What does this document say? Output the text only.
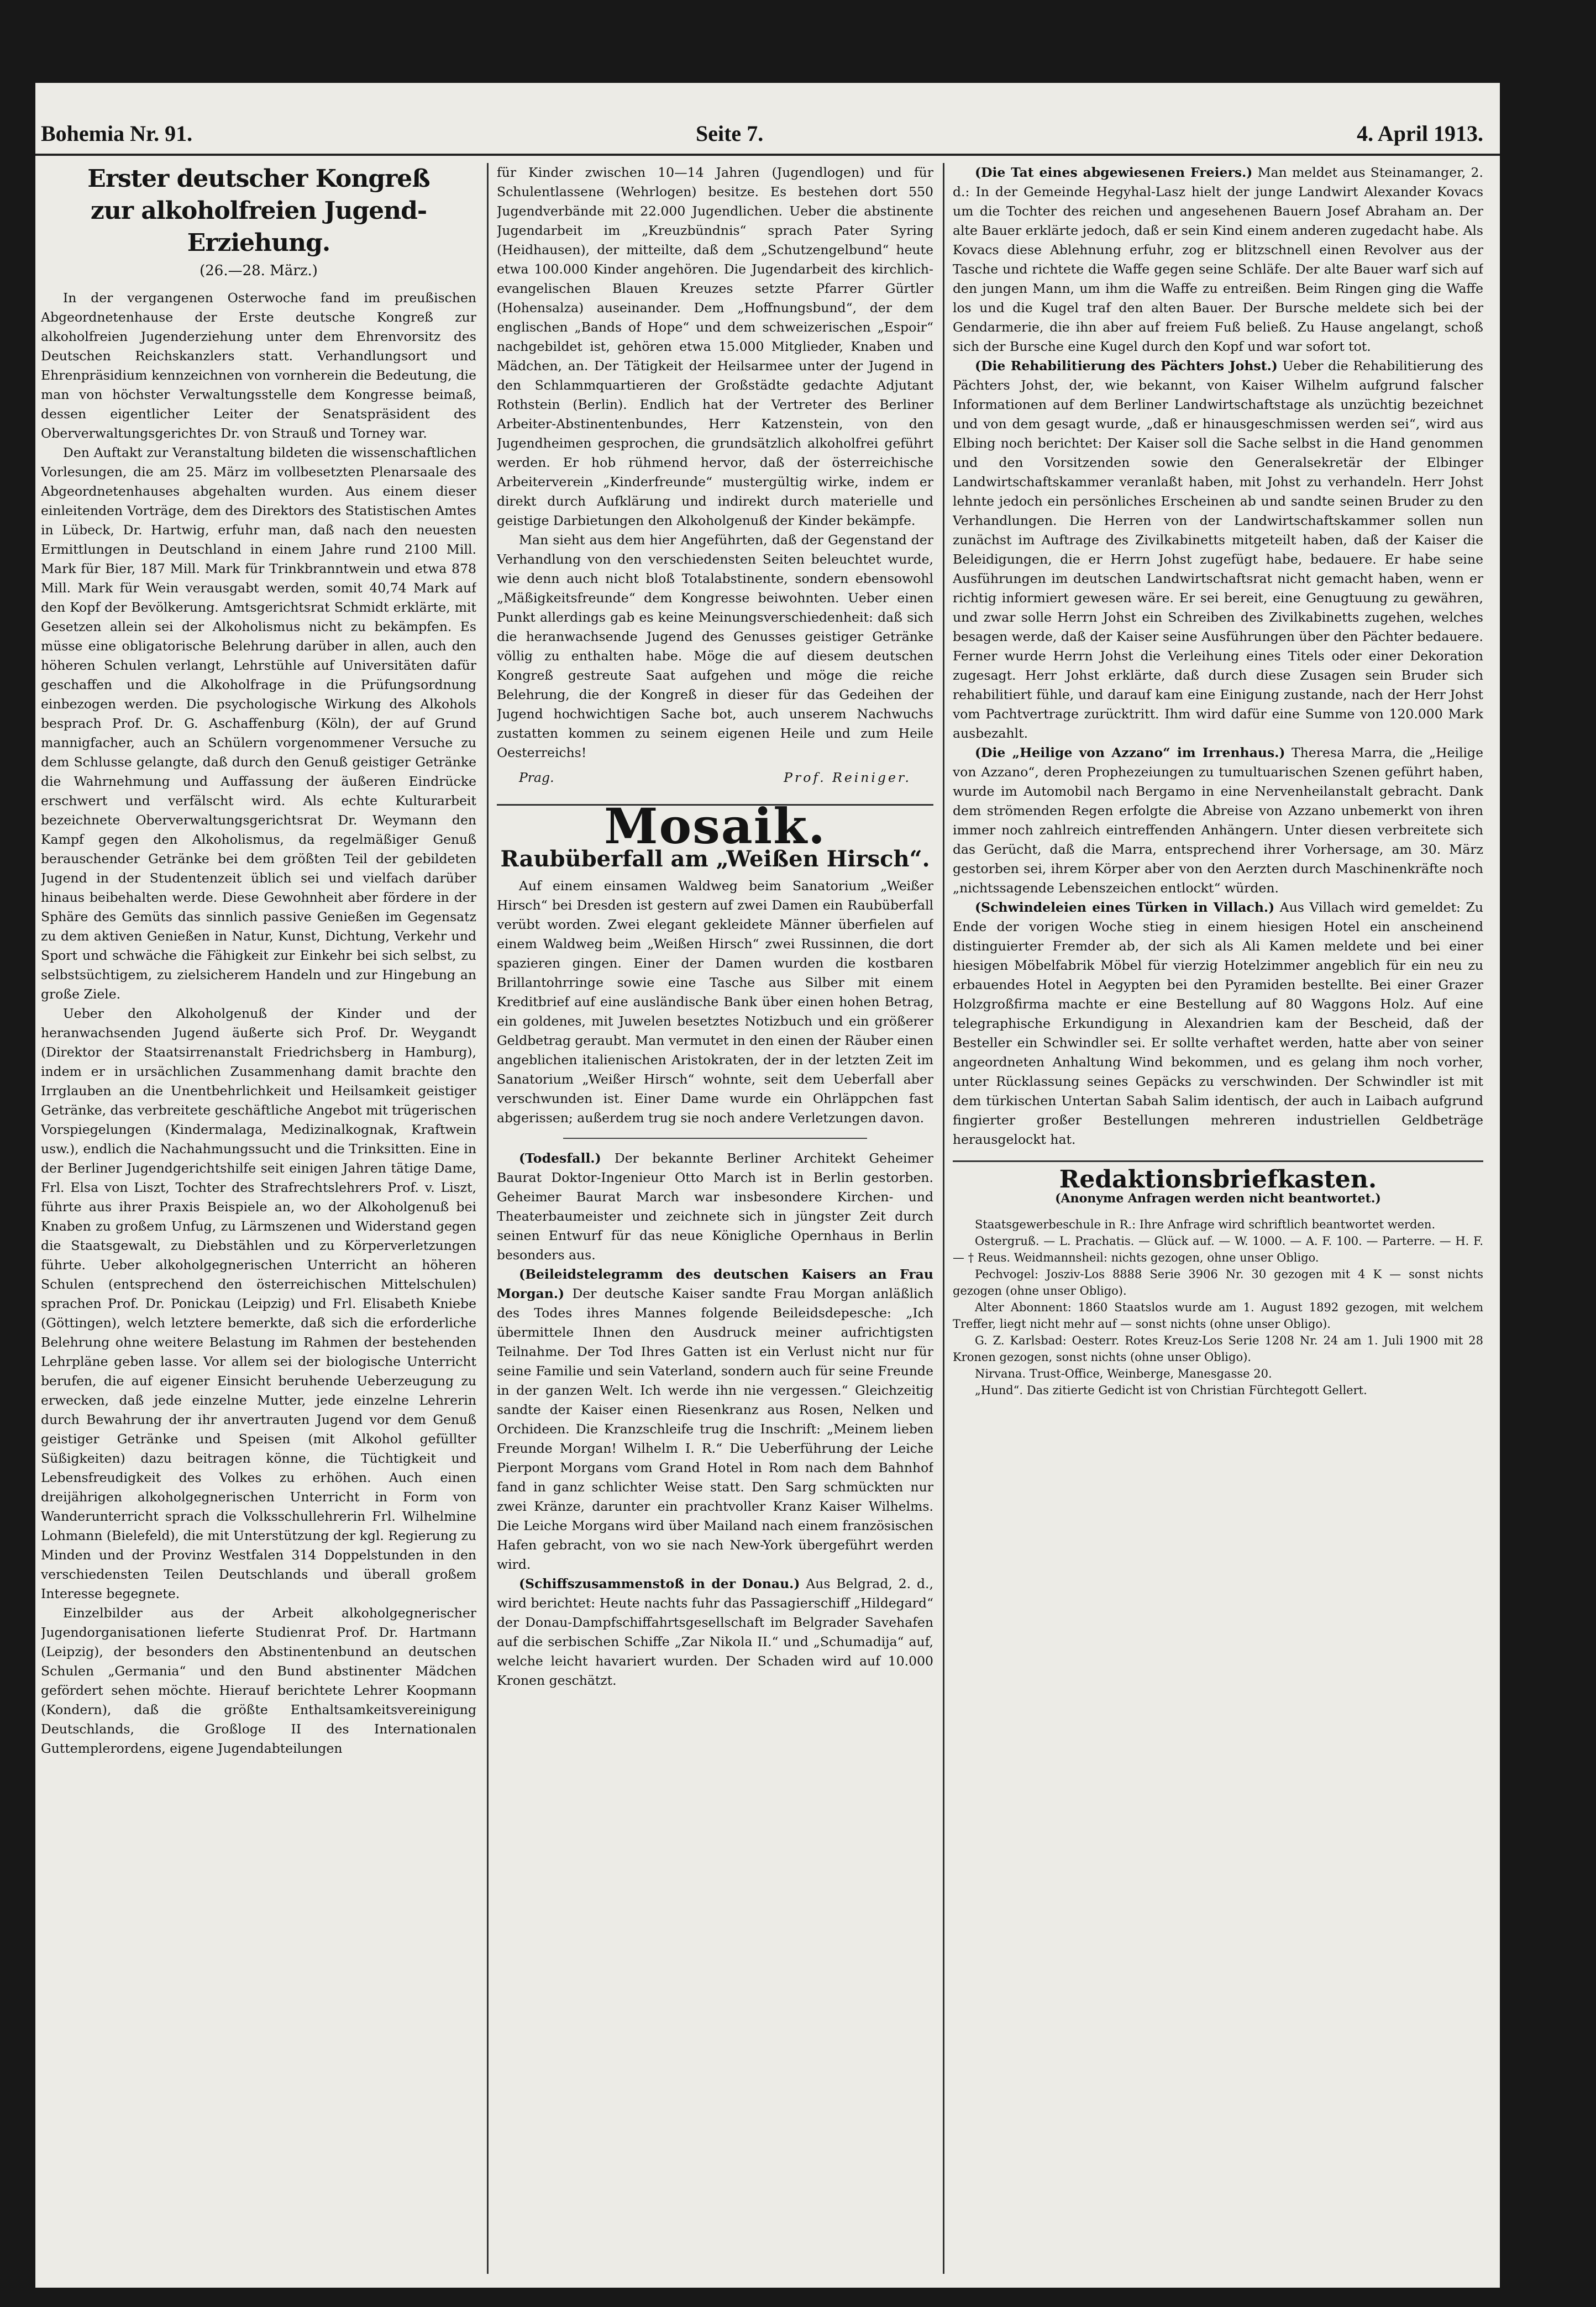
Bohemia Nr. 91.	Seite 7.	4. April 1913.
Erster deutscher Kongreß
zur alkoholfreien Jugend-Erziehung.
(26.—28. März.)

In der vergangenen Osterwoche fand im preußischen Abgeordnetenhause der Erste deutsche Kongreß zur alkoholfreien Jugenderziehung unter dem Ehrenvorsitz des Deutschen Reichskanzlers statt. Verhandlungsort und Ehrenpräsidium kennzeichnen von vornherein die Bedeutung, die man von höchster Verwaltungsstelle dem Kongresse beimaß, dessen eigentlicher Leiter der Senatspräsident des Oberverwaltungsgerichtes Dr. von Strauß und Torney war.

Den Auftakt zur Veranstaltung bildeten die wissenschaftlichen Vorlesungen, die am 25. März im vollbesetzten Plenarsaale des Abgeordnetenhauses abgehalten wurden. Aus einem dieser einleitenden Vorträge, dem des Direktors des Statistischen Amtes in Lübeck, Dr. Hartwig, erfuhr man, daß nach den neuesten Ermittlungen in Deutschland in einem Jahre rund 2100 Mill. Mark für Bier, 187 Mill. Mark für Trinkbranntwein und etwa 878 Mill. Mark für Wein verausgabt werden, somit 40,74 Mark auf den Kopf der Bevölkerung. Amtsgerichtsrat Schmidt erklärte, mit Gesetzen allein sei der Alkoholismus nicht zu bekämpfen. Es müsse eine obligatorische Belehrung darüber in allen, auch den höheren Schulen verlangt, Lehrstühle auf Universitäten dafür geschaffen und die Alkoholfrage in die Prüfungsordnung einbezogen werden. Die psychologische Wirkung des Alkohols besprach Prof. Dr. G. Aschaffenburg (Köln), der auf Grund mannigfacher, auch an Schülern vorgenommener Versuche zu dem Schlusse gelangte, daß durch den Genuß geistiger Getränke die Wahrnehmung und Auffassung der äußeren Eindrücke erschwert und verfälscht wird. Als echte Kulturarbeit bezeichnete Oberverwaltungsgerichtsrat Dr. Weymann den Kampf gegen den Alkoholismus, da regelmäßiger Genuß berauschender Getränke bei dem größten Teil der gebildeten Jugend in der Studentenzeit üblich sei und vielfach darüber hinaus beibehalten werde. Diese Gewohnheit aber fördere in der Sphäre des Gemüts das sinnlich passive Genießen im Gegensatz zu dem aktiven Genießen in Natur, Kunst, Dichtung, Verkehr und Sport und schwäche die Fähigkeit zur Einkehr bei sich selbst, zu selbstsüchtigem, zu zielsicherem Handeln und zur Hingebung an große Ziele.

Ueber den Alkoholgenuß der Kinder und der heranwachsenden Jugend äußerte sich Prof. Dr. Weygandt (Direktor der Staatsirrenanstalt Friedrichsberg in Hamburg), indem er in ursächlichen Zusammenhang damit brachte den Irrglauben an die Unentbehrlichkeit und Heilsamkeit geistiger Getränke, das verbreitete geschäftliche Angebot mit trügerischen Vorspiegelungen (Kindermalaga, Medizinalkognak, Kraftwein usw.), endlich die Nachahmungssucht und die Trinksitten. Eine in der Berliner Jugendgerichtshilfe seit einigen Jahren tätige Dame, Frl. Elsa von Liszt, Tochter des Strafrechtslehrers Prof. v. Liszt, führte aus ihrer Praxis Beispiele an, wo der Alkoholgenuß bei Knaben zu großem Unfug, zu Lärmszenen und Widerstand gegen die Staatsgewalt, zu Diebstählen und zu Körperverletzungen führte. Ueber alkoholgegnerischen Unterricht an höheren Schulen (entsprechend den österreichischen Mittelschulen) sprachen Prof. Dr. Ponickau (Leipzig) und Frl. Elisabeth Kniebe (Göttingen), welch letztere bemerkte, daß sich die erforderliche Belehrung ohne weitere Belastung im Rahmen der bestehenden Lehrpläne geben lasse. Vor allem sei der biologische Unterricht berufen, die auf eigener Einsicht beruhende Ueberzeugung zu erwecken, daß jede einzelne Mutter, jede einzelne Lehrerin durch Bewahrung der ihr anvertrauten Jugend vor dem Genuß geistiger Getränke und Speisen (mit Alkohol gefüllter Süßigkeiten) dazu beitragen könne, die Tüchtigkeit und Lebensfreudigkeit des Volkes zu erhöhen. Auch einen dreijährigen alkoholgegnerischen Unterricht in Form von Wanderunterricht sprach die Volksschullehrerin Frl. Wilhelmine Lohmann (Bielefeld), die mit Unterstützung der kgl. Regierung zu Minden und der Provinz Westfalen 314 Doppelstunden in den verschiedensten Teilen Deutschlands und überall großem Interesse begegnete.

Einzelbilder aus der Arbeit alkoholgegnerischer Jugendorganisationen lieferte Studienrat Prof. Dr. Hartmann (Leipzig), der besonders den Abstinentenbund an deutschen Schulen „Germania“ und den Bund abstinenter Mädchen gefördert sehen möchte. Hierauf berichtete Lehrer Koopmann (Kondern), daß die größte Enthaltsamkeitsvereinigung Deutschlands, die Großloge II des Internationalen Guttemplerordens, eigene Jugendabteilungen

für Kinder zwischen 10—14 Jahren (Jugendlogen) und für Schulentlassene (Wehrlogen) besitze. Es bestehen dort 550 Jugendverbände mit 22.000 Jugendlichen. Ueber die abstinente Jugendarbeit im „Kreuzbündnis“ sprach Pater Syring (Heidhausen), der mitteilte, daß dem „Schutzengelbund“ heute etwa 100.000 Kinder angehören. Die Jugendarbeit des kirchlich-evangelischen Blauen Kreuzes setzte Pfarrer Gürtler (Hohensalza) auseinander. Dem „Hoffnungsbund“, der dem englischen „Bands of Hope“ und dem schweizerischen „Espoir“ nachgebildet ist, gehören etwa 15.000 Mitglieder, Knaben und Mädchen, an. Der Tätigkeit der Heilsarmee unter der Jugend in den Schlammquartieren der Großstädte gedachte Adjutant Rothstein (Berlin). Endlich hat der Vertreter des Berliner Arbeiter-Abstinentenbundes, Herr Katzenstein, von den Jugendheimen gesprochen, die grundsätzlich alkoholfrei geführt werden. Er hob rühmend hervor, daß der österreichische Arbeiterverein „Kinderfreunde“ mustergültig wirke, indem er direkt durch Aufklärung und indirekt durch materielle und geistige Darbietungen den Alkoholgenuß der Kinder bekämpfe.

Man sieht aus dem hier Angeführten, daß der Gegenstand der Verhandlung von den verschiedensten Seiten beleuchtet wurde, wie denn auch nicht bloß Totalabstinente, sondern ebensowohl „Mäßigkeitsfreunde“ dem Kongresse beiwohnten. Ueber einen Punkt allerdings gab es keine Meinungsverschiedenheit: daß sich die heranwachsende Jugend des Genusses geistiger Getränke völlig zu enthalten habe. Möge die auf diesem deutschen Kongreß gestreute Saat aufgehen und möge die reiche Belehrung, die der Kongreß in dieser für das Gedeihen der Jugend hochwichtigen Sache bot, auch unserem Nachwuchs zustatten kommen zu seinem eigenen Heile und zum Heile Oesterreichs!

Prag.	Prof. Reiniger.
Mosaik.
Raubüberfall am „Weißen Hirsch“.

Auf einem einsamen Waldweg beim Sanatorium „Weißer Hirsch“ bei Dresden ist gestern auf zwei Damen ein Raubüberfall verübt worden. Zwei elegant gekleidete Männer überfielen auf einem Waldweg beim „Weißen Hirsch“ zwei Russinnen, die dort spazieren gingen. Einer der Damen wurden die kostbaren Brillantohrringe sowie eine Tasche aus Silber mit einem Kreditbrief auf eine ausländische Bank über einen hohen Betrag, ein goldenes, mit Juwelen besetztes Notizbuch und ein größerer Geldbetrag geraubt. Man vermutet in den einen der Räuber einen angeblichen italienischen Aristokraten, der in der letzten Zeit im Sanatorium „Weißer Hirsch“ wohnte, seit dem Ueberfall aber verschwunden ist. Einer Dame wurde ein Ohrläppchen fast abgerissen; außerdem trug sie noch andere Verletzungen davon.

(Todesfall.) Der bekannte Berliner Architekt Geheimer Baurat Doktor-Ingenieur Otto March ist in Berlin gestorben. Geheimer Baurat March war insbesondere Kirchen- und Theaterbaumeister und zeichnete sich in jüngster Zeit durch seinen Entwurf für das neue Königliche Opernhaus in Berlin besonders aus.

(Beileidstelegramm des deutschen Kaisers an Frau Morgan.) Der deutsche Kaiser sandte Frau Morgan anläßlich des Todes ihres Mannes folgende Beileidsdepesche: „Ich übermittele Ihnen den Ausdruck meiner aufrichtigsten Teilnahme. Der Tod Ihres Gatten ist ein Verlust nicht nur für seine Familie und sein Vaterland, sondern auch für seine Freunde in der ganzen Welt. Ich werde ihn nie vergessen.“ Gleichzeitig sandte der Kaiser einen Riesenkranz aus Rosen, Nelken und Orchideen. Die Kranzschleife trug die Inschrift: „Meinem lieben Freunde Morgan! Wilhelm I. R.“ Die Ueberführung der Leiche Pierpont Morgans vom Grand Hotel in Rom nach dem Bahnhof fand in ganz schlichter Weise statt. Den Sarg schmückten nur zwei Kränze, darunter ein prachtvoller Kranz Kaiser Wilhelms. Die Leiche Morgans wird über Mailand nach einem französischen Hafen gebracht, von wo sie nach New-York übergeführt werden wird.

(Schiffszusammenstoß in der Donau.) Aus Belgrad, 2. d., wird berichtet: Heute nachts fuhr das Passagierschiff „Hildegard“ der Donau-Dampfschiffahrtsgesellschaft im Belgrader Savehafen auf die serbischen Schiffe „Zar Nikola II.“ und „Schumadija“ auf, welche leicht havariert wurden. Der Schaden wird auf 10.000 Kronen geschätzt.

(Die Tat eines abgewiesenen Freiers.) Man meldet aus Steinamanger, 2. d.: In der Gemeinde Hegyhal-Lasz hielt der junge Landwirt Alexander Kovacs um die Tochter des reichen und angesehenen Bauern Josef Abraham an. Der alte Bauer erklärte jedoch, daß er sein Kind einem anderen zugedacht habe. Als Kovacs diese Ablehnung erfuhr, zog er blitzschnell einen Revolver aus der Tasche und richtete die Waffe gegen seine Schläfe. Der alte Bauer warf sich auf den jungen Mann, um ihm die Waffe zu entreißen. Beim Ringen ging die Waffe los und die Kugel traf den alten Bauer. Der Bursche meldete sich bei der Gendarmerie, die ihn aber auf freiem Fuß beließ. Zu Hause angelangt, schoß sich der Bursche eine Kugel durch den Kopf und war sofort tot.

(Die Rehabilitierung des Pächters Johst.) Ueber die Rehabilitierung des Pächters Johst, der, wie bekannt, von Kaiser Wilhelm aufgrund falscher Informationen auf dem Berliner Landwirtschaftstage als unzüchtig bezeichnet und von dem gesagt wurde, „daß er hinausgeschmissen werden sei“, wird aus Elbing noch berichtet: Der Kaiser soll die Sache selbst in die Hand genommen und den Vorsitzenden sowie den Generalsekretär der Elbinger Landwirtschaftskammer veranlaßt haben, mit Johst zu verhandeln. Herr Johst lehnte jedoch ein persönliches Erscheinen ab und sandte seinen Bruder zu den Verhandlungen. Die Herren von der Landwirtschaftskammer sollen nun zunächst im Auftrage des Zivilkabinetts mitgeteilt haben, daß der Kaiser die Beleidigungen, die er Herrn Johst zugefügt habe, bedauere. Er habe seine Ausführungen im deutschen Landwirtschaftsrat nicht gemacht haben, wenn er richtig informiert gewesen wäre. Er sei bereit, eine Genugtuung zu gewähren, und zwar solle Herrn Johst ein Schreiben des Zivilkabinetts zugehen, welches besagen werde, daß der Kaiser seine Ausführungen über den Pächter bedauere. Ferner wurde Herrn Johst die Verleihung eines Titels oder einer Dekoration zugesagt. Herr Johst erklärte, daß durch diese Zusagen sein Bruder sich rehabilitiert fühle, und darauf kam eine Einigung zustande, nach der Herr Johst vom Pachtvertrage zurücktritt. Ihm wird dafür eine Summe von 120.000 Mark ausbezahlt.

(Die „Heilige von Azzano“ im Irrenhaus.) Theresa Marra, die „Heilige von Azzano“, deren Prophezeiungen zu tumultuarischen Szenen geführt haben, wurde im Automobil nach Bergamo in eine Nervenheilanstalt gebracht. Dank dem strömenden Regen erfolgte die Abreise von Azzano unbemerkt von ihren immer noch zahlreich eintreffenden Anhängern. Unter diesen verbreitete sich das Gerücht, daß die Marra, entsprechend ihrer Vorhersage, am 30. März gestorben sei, ihrem Körper aber von den Aerzten durch Maschinenkräfte noch „nichtssagende Lebenszeichen entlockt“ würden.

(Schwindeleien eines Türken in Villach.) Aus Villach wird gemeldet: Zu Ende der vorigen Woche stieg in einem hiesigen Hotel ein anscheinend distinguierter Fremder ab, der sich als Ali Kamen meldete und bei einer hiesigen Möbelfabrik Möbel für vierzig Hotelzimmer angeblich für ein neu zu erbauendes Hotel in Aegypten bei den Pyramiden bestellte. Bei einer Grazer Holzgroßfirma machte er eine Bestellung auf 80 Waggons Holz. Auf eine telegraphische Erkundigung in Alexandrien kam der Bescheid, daß der Besteller ein Schwindler sei. Er sollte verhaftet werden, hatte aber von seiner angeordneten Anhaltung Wind bekommen, und es gelang ihm noch vorher, unter Rücklassung seines Gepäcks zu verschwinden. Der Schwindler ist mit dem türkischen Untertan Sabah Salim identisch, der auch in Laibach aufgrund fingierter großer Bestellungen mehreren industriellen Geldbeträge herausgelockt hat.

Redaktionsbriefkasten.
(Anonyme Anfragen werden nicht beantwortet.)

Staatsgewerbeschule in R.: Ihre Anfrage wird schriftlich beantwortet werden.

Ostergruß. — L. Prachatis. — Glück auf. — W. 1000. — A. F. 100. — Parterre. — H. F. — † Reus. Weidmannsheil: nichts gezogen, ohne unser Obligo.

Pechvogel: Josziv-Los 8888 Serie 3906 Nr. 30 gezogen mit 4 K — sonst nichts gezogen (ohne unser Obligo).

Alter Abonnent: 1860 Staatslos wurde am 1. August 1892 gezogen, mit welchem Treffer, liegt nicht mehr auf — sonst nichts (ohne unser Obligo).

G. Z. Karlsbad: Oesterr. Rotes Kreuz-Los Serie 1208 Nr. 24 am 1. Juli 1900 mit 28 Kronen gezogen, sonst nichts (ohne unser Obligo).

Nirvana. Trust-Office, Weinberge, Manesgasse 20.

„Hund“. Das zitierte Gedicht ist von Christian Fürchtegott Gellert.
